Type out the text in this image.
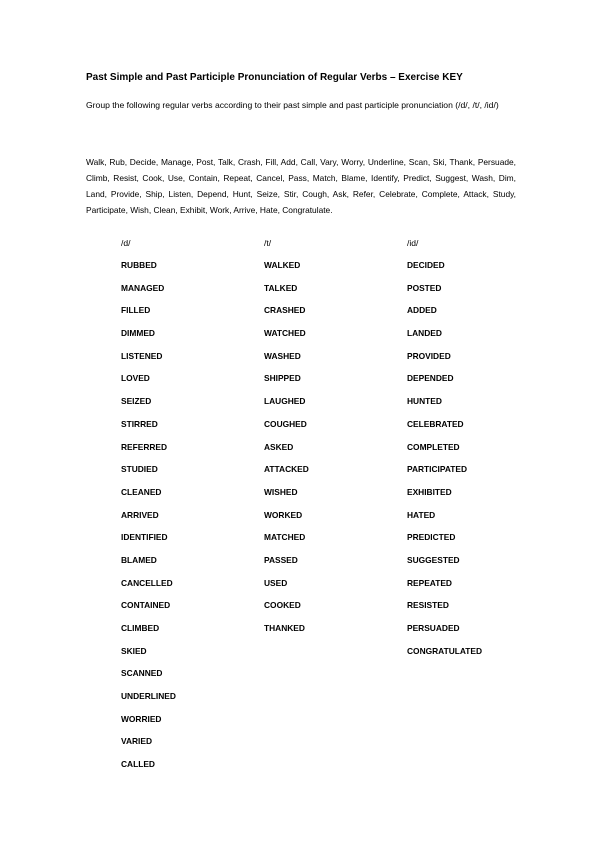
Past Simple and Past Participle Pronunciation of Regular Verbs – Exercise KEY
Group the following regular verbs according to their past simple and past participle pronunciation (/d/, /t/, /id/)
Walk, Rub, Decide, Manage, Post, Talk, Crash, Fill, Add, Call, Vary, Worry, Underline, Scan, Ski, Thank, Persuade, Climb, Resist, Cook, Use, Contain, Repeat, Cancel, Pass, Match, Blame, Identify, Predict, Suggest, Wash, Dim, Land, Provide, Ship, Listen, Depend, Hunt, Seize, Stir, Cough, Ask, Refer, Celebrate, Complete, Attack, Study, Participate, Wish, Clean, Exhibit, Work, Arrive, Hate, Congratulate.
/d/
RUBBED
MANAGED
FILLED
DIMMED
LISTENED
LOVED
SEIZED
STIRRED
REFERRED
STUDIED
CLEANED
ARRIVED
IDENTIFIED
BLAMED
CANCELLED
CONTAINED
CLIMBED
SKIED
SCANNED
UNDERLINED
WORRIED
VARIED
CALLED
/t/
WALKED
TALKED
CRASHED
WATCHED
WASHED
SHIPPED
LAUGHED
COUGHED
ASKED
ATTACKED
WISHED
WORKED
MATCHED
PASSED
USED
COOKED
THANKED
/id/
DECIDED
POSTED
ADDED
LANDED
PROVIDED
DEPENDED
HUNTED
CELEBRATED
COMPLETED
PARTICIPATED
EXHIBITED
HATED
PREDICTED
SUGGESTED
REPEATED
RESISTED
PERSUADED
CONGRATULATED
